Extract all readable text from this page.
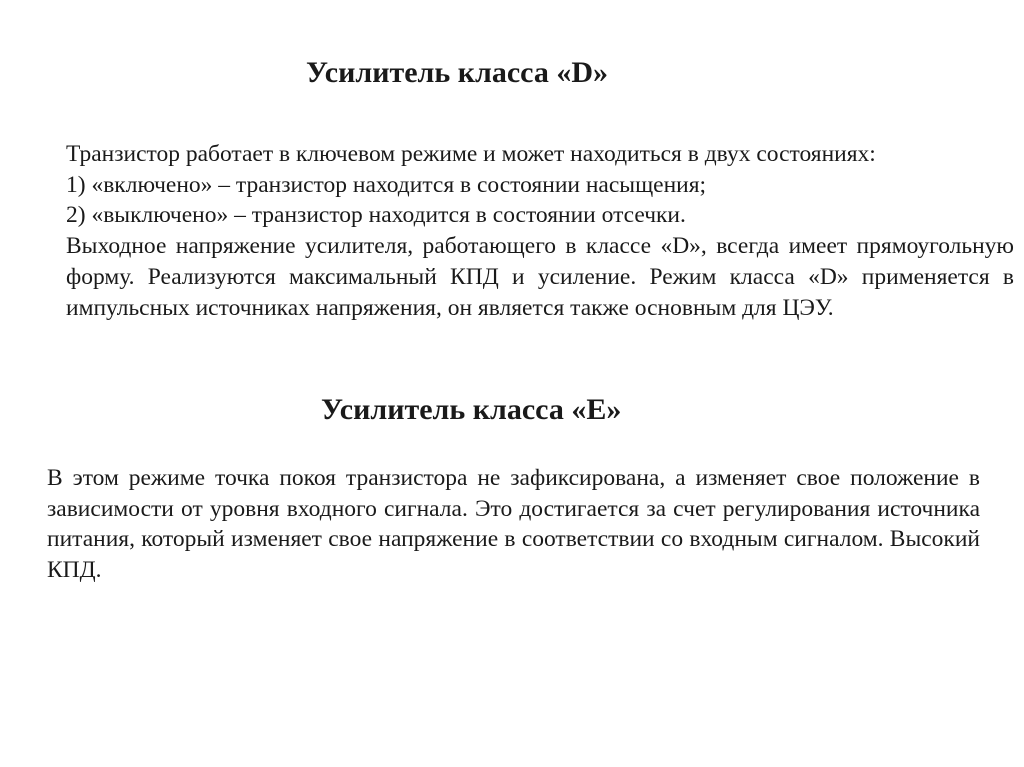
Усилитель класса «D»

Транзистор работает в ключевом режиме и может находиться в двух состояниях:

1) «включено» – транзистор находится в состоянии насыщения;

2) «выключено» – транзистор находится в состоянии отсечки.

Выходное напряжение усилителя, работающего в классе «D», всегда имеет прямоугольную форму. Реализуются максимальный КПД и усиление. Режим класса «D» применяется в импульсных источниках напряжения, он является также основным для ЦЭУ.

Усилитель класса «E»

В этом режиме точка покоя транзистора не зафиксирована, а изменяет свое положение в зависимости от уровня входного сигнала. Это достигается за счет регулирования источника питания, который изменяет свое напряжение в соответствии со входным сигналом. Высокий КПД.
